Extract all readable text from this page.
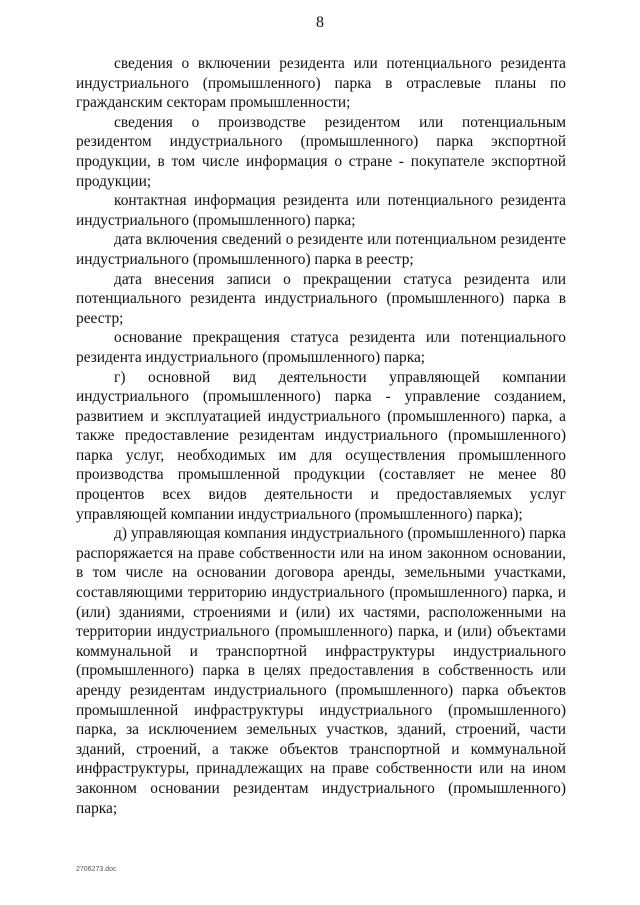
8

сведения о включении резидента или потенциального резидента индустриального (промышленного) парка в отраслевые планы по гражданским секторам промышленности;

сведения о производстве резидентом или потенциальным резидентом индустриального (промышленного) парка экспортной продукции, в том числе информация о стране - покупателе экспортной продукции;

контактная информация резидента или потенциального резидента индустриального (промышленного) парка;

дата включения сведений о резиденте или потенциальном резиденте индустриального (промышленного) парка в реестр;

дата внесения записи о прекращении статуса резидента или потенциального резидента индустриального (промышленного) парка в реестр;

основание прекращения статуса резидента или потенциального резидента индустриального (промышленного) парка;

г) основной вид деятельности управляющей компании индустриального (промышленного) парка - управление созданием, развитием и эксплуатацией индустриального (промышленного) парка, а также предоставление резидентам индустриального (промышленного) парка услуг, необходимых им для осуществления промышленного производства промышленной продукции (составляет не менее 80 процентов всех видов деятельности и предоставляемых услуг управляющей компании индустриального (промышленного) парка);

д) управляющая компания индустриального (промышленного) парка распоряжается на праве собственности или на ином законном основании, в том числе на основании договора аренды, земельными участками, составляющими территорию индустриального (промышленного) парка, и (или) зданиями, строениями и (или) их частями, расположенными на территории индустриального (промышленного) парка, и (или) объектами коммунальной и транспортной инфраструктуры индустриального (промышленного) парка в целях предоставления в собственность или аренду резидентам индустриального (промышленного) парка объектов промышленной инфраструктуры индустриального (промышленного) парка, за исключением земельных участков, зданий, строений, части зданий, строений, а также объектов транспортной и коммунальной инфраструктуры, принадлежащих на праве собственности или на ином законном основании резидентам индустриального (промышленного) парка;

2706273.doc
